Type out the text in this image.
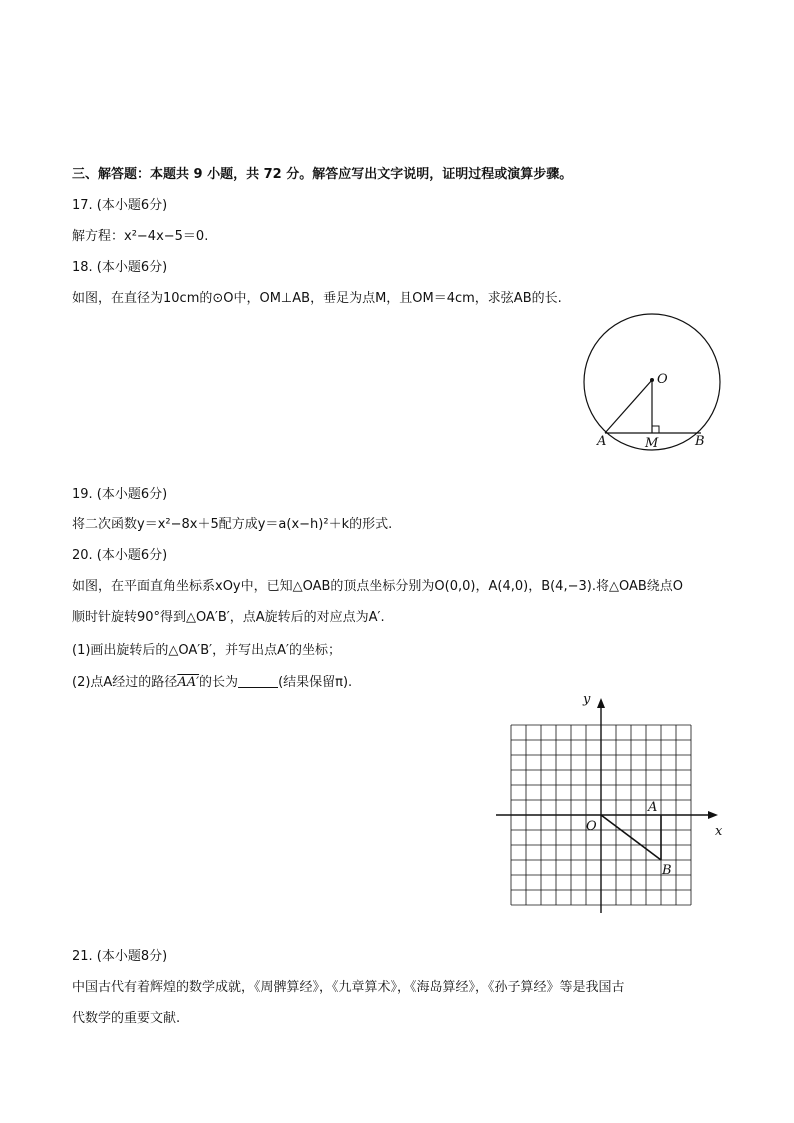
三、解答题：本题共 9 小题，共 72 分。解答应写出文字说明，证明过程或演算步骤。
17. (本小题6分)
解方程：x²−4x−5＝0.
18. (本小题6分)
如图，在直径为10cm的⊙O中，OM⊥AB，垂足为点M，且OM＝4cm，求弦AB的长.
O
A	M	B
19. (本小题6分)
将二次函数y＝x²−8x＋5配方成y＝a(x−h)²＋k的形式.
20. (本小题6分)
如图，在平面直角坐标系xOy中，已知△OAB的顶点坐标分别为O(0,0)，A(4,0)，B(4,−3).将△OAB绕点O
顺时针旋转90°得到△OA′B′，点A旋转后的对应点为A′.
(1)画出旋转后的△OA′B′，并写出点A′的坐标；
(2)点A经过的路径AA′的长为	(结果保留π).
x
y
O
A
B
21. (本小题8分)
中国古代有着辉煌的数学成就，《周髀算经》，《九章算术》，《海岛算经》，《孙子算经》等是我国古
代数学的重要文献.
